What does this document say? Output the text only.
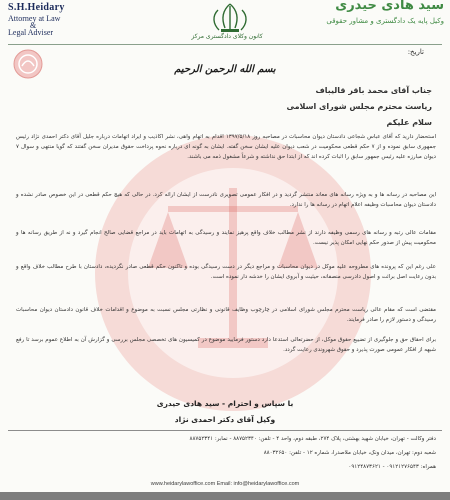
S.H.Heidary
Attorney at Law
&
Legal Adviser	کانون وکلای دادگستری مرکز
سید هادی حیدری
وکیل پایه یک دادگستری و مشاور حقوقی
تاریخ:
بسم الله الرحمن الرحیم
جناب آقای محمد باقر قالیباف
ریاست محترم مجلس شورای اسلامی
سلام علیکم
استحضار دارید که آقای عباس شجاعی دادستان دیوان محاسبات در مصاحبه روز ۱۳۹۷/۵/۱۸ اقدام به اتهام واهی، نشر اکاذیب و ایراد اتهامات درباره جلیل آقای دکتر احمدی نژاد رئیس جمهوری سابق نموده و از ۷ حکم قطعی محکومیت در شعب دیوان علیه ایشان سخن گفته. ایشان به گونه ای درباره نحوه پرداخت حقوق مدیران سخن گفتند که گویا منتهی و سوال ۷ دیوان مبارزه علیه رئیس جمهور سابق را اثبات کرده اند که از ابتدا حق نداشته و شرعاً مشغول ذمه می باشند.
این مصاحبه در رسانه ها و به ویژه رسانه های معاند منتشر گردید و در افکار عمومی تصویری نادرست از ایشان ارائه کرد. در حالی که هیچ حکم قطعی در این خصوص صادر نشده و دادستان دیوان محاسبات وظیفه اعلام اتهام در رسانه ها را ندارد.
مقامات عالی رتبه و رسانه های رسمی وظیفه دارند از نشر مطالب خلاف واقع پرهیز نمایند و رسیدگی به اتهامات باید در مراجع قضایی صالح انجام گیرد و نه از طریق رسانه ها و محکومیت پیش از صدور حکم نهایی امکان پذیر نیست.
علی رغم این که پرونده های مطروحه علیه موکل در دیوان محاسبات و مراجع دیگر در دست رسیدگی بوده و تاکنون حکم قطعی صادر نگردیده، دادستان با طرح مطالب خلاف واقع و بدون رعایت اصل برائت و اصول دادرسی منصفانه، حیثیت و آبروی ایشان را خدشه دار نموده است.
مقتضی است که مقام عالی ریاست محترم مجلس شورای اسلامی در چارچوب وظایف قانونی و نظارتی مجلس نسبت به موضوع و اقدامات خلاف قانون دادستان دیوان محاسبات رسیدگی و دستور لازم را صادر فرمایند.
برای احقاق حق و جلوگیری از تضییع حقوق موکل، از حضرتعالی استدعا دارد دستور فرمایید موضوع در کمیسیون های تخصصی مجلس بررسی و گزارش آن به اطلاع عموم برسد تا رفع شبهه از افکار عمومی صورت پذیرد و حقوق شهروندی رعایت گردد.
با سپاس و احترام - سید هادی حیدری
وکیل آقای دکتر احمدی نژاد
دفتر وکالت - تهران، خیابان شهید بهشتی، پلاک ۲۷۴، طبقه دوم، واحد ۴ - تلفن: ۸۸۷۵۲۳۴۰ - نمابر: ۸۸۷۵۲۳۴۱
شعبه دوم: تهران، میدان ونک، خیابان ملاصدرا، شماره ۱۲ - تلفن: ۸۸۰۳۲۶۵۰
همراه: ۰۹۱۲۱۲۷۶۵۴۳ - ۰۹۱۲۴۸۷۳۶۲۱
www.heidarylawoffice.com Email: info@heidarylawoffice.com
